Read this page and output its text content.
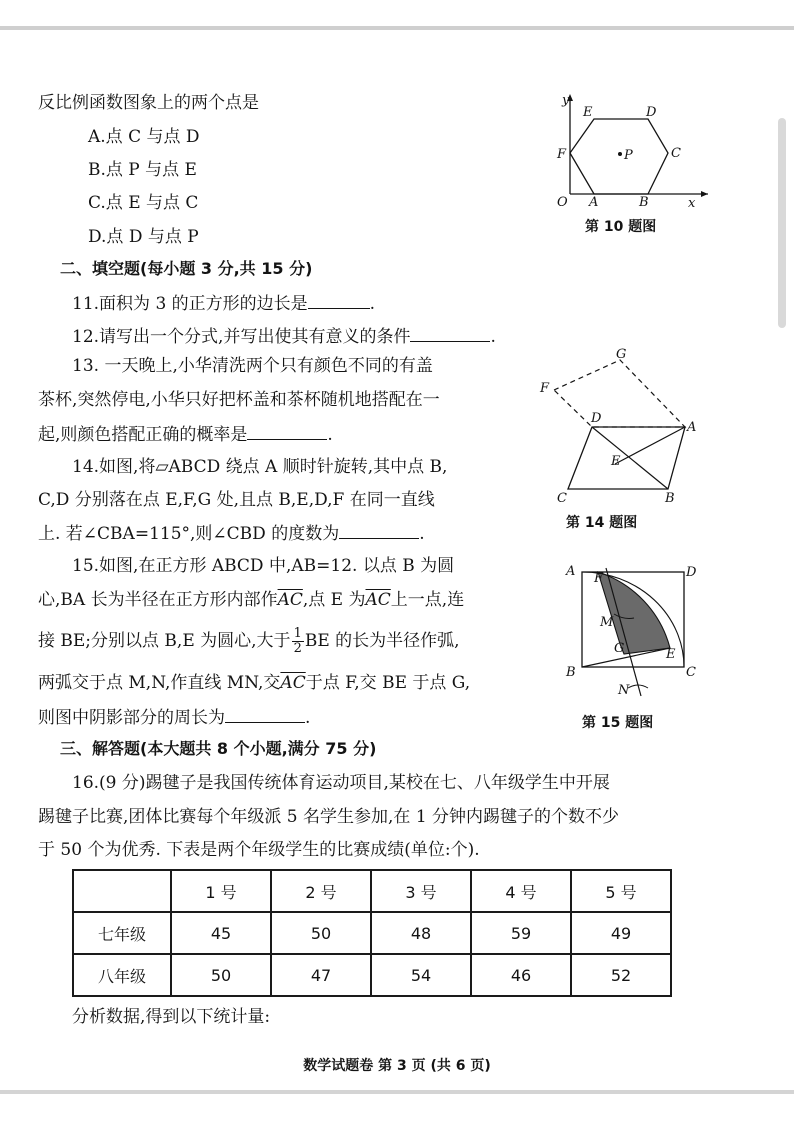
反比例函数图象上的两个点是
A.点 C 与点 D
B.点 P 与点 E
C.点 E 与点 C
D.点 D 与点 P
y
x
O A	B
C
D
E
F	P
第 10 题图
二、填空题(每小题 3 分,共 15 分)
11.面积为 3 的正方形的边长是	.
12.请写出一个分式,并写出使其有意义的条件	.
13. 一天晚上,小华清洗两个只有颜色不同的有盖
茶杯,突然停电,小华只好把杯盖和茶杯随机地搭配在一
起,则颜色搭配正确的概率是	.
14.如图,将▱ABCD 绕点 A 顺时针旋转,其中点 B,
C,D 分别落在点 E,F,G 处,且点 B,E,D,F 在同一直线
上. 若∠CBA=115°,则∠CBD 的度数为	.
G
F
D
A
E
C	B
第 14 题图
15.如图,在正方形 ABCD 中,AB=12. 以点 B 为圆
心,BA 长为半径在正方形内部作$\overline{AC}$,点 E 为$\overline{AC}$上一点,连
接 BE;分别以点 B,E 为圆心,大于 $\frac{1}{2}$ BE 的长为半径作弧,
两弧交于点 M,N,作直线 MN,交$\overline{AC}$于点 F,交 BE 于点 G,
则图中阴影部分的周长为	.
A F	D
M
G	E
B	C
N
第 15 题图
三、解答题(本大题共 8 个小题,满分 75 分)
16.(9 分)踢毽子是我国传统体育运动项目,某校在七、八年级学生中开展
踢毽子比赛,团体比赛每个年级派 5 名学生参加,在 1 分钟内踢毽子的个数不少
于 50 个为优秀. 下表是两个年级学生的比赛成绩(单位:个).
	1 号	2 号	3 号	4 号	5 号
七年级	45	50	48	59	49
八年级	50	47	54	46	52
分析数据,得到以下统计量:
数学试题卷 第 3 页 (共 6 页)
